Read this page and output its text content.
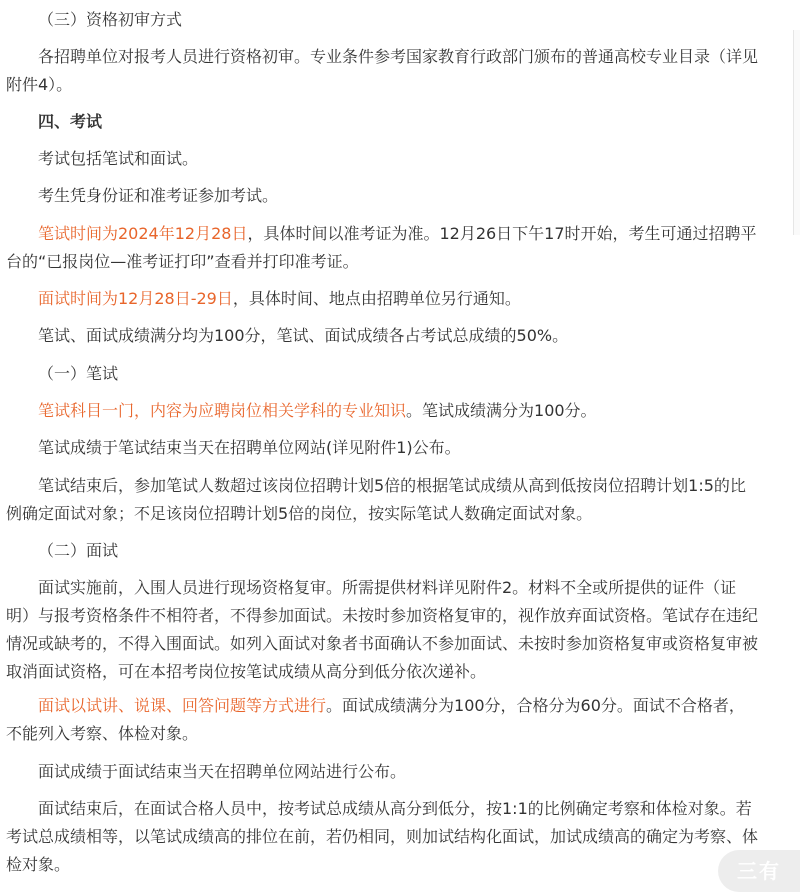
（三）资格初审方式

各招聘单位对报考人员进行资格初审。专业条件参考国家教育行政部门颁布的普通高校专业目录（详见附件4）。

四、考试

考试包括笔试和面试。

考生凭身份证和准考证参加考试。

笔试时间为2024年12月28日，具体时间以准考证为准。12月26日下午17时开始，考生可通过招聘平台的“已报岗位—准考证打印”查看并打印准考证。

面试时间为12月28日-29日，具体时间、地点由招聘单位另行通知。

笔试、面试成绩满分均为100分，笔试、面试成绩各占考试总成绩的50%。

（一）笔试

笔试科目一门，内容为应聘岗位相关学科的专业知识。笔试成绩满分为100分。

笔试成绩于笔试结束当天在招聘单位网站(详见附件1)公布。

笔试结束后，参加笔试人数超过该岗位招聘计划5倍的根据笔试成绩从高到低按岗位招聘计划1:5的比例确定面试对象；不足该岗位招聘计划5倍的岗位，按实际笔试人数确定面试对象。

（二）面试

面试实施前，入围人员进行现场资格复审。所需提供材料详见附件2。材料不全或所提供的证件（证明）与报考资格条件不相符者，不得参加面试。未按时参加资格复审的，视作放弃面试资格。笔试存在违纪情况或缺考的，不得入围面试。如列入面试对象者书面确认不参加面试、未按时参加资格复审或资格复审被取消面试资格，可在本招考岗位按笔试成绩从高分到低分依次递补。

面试以试讲、说课、回答问题等方式进行。面试成绩满分为100分，合格分为60分。面试不合格者，不能列入考察、体检对象。

面试成绩于面试结束当天在招聘单位网站进行公布。

面试结束后，在面试合格人员中，按考试总成绩从高分到低分，按1:1的比例确定考察和体检对象。若考试总成绩相等，以笔试成绩高的排位在前，若仍相同，则加试结构化面试，加试成绩高的确定为考察、体检对象。	三有
